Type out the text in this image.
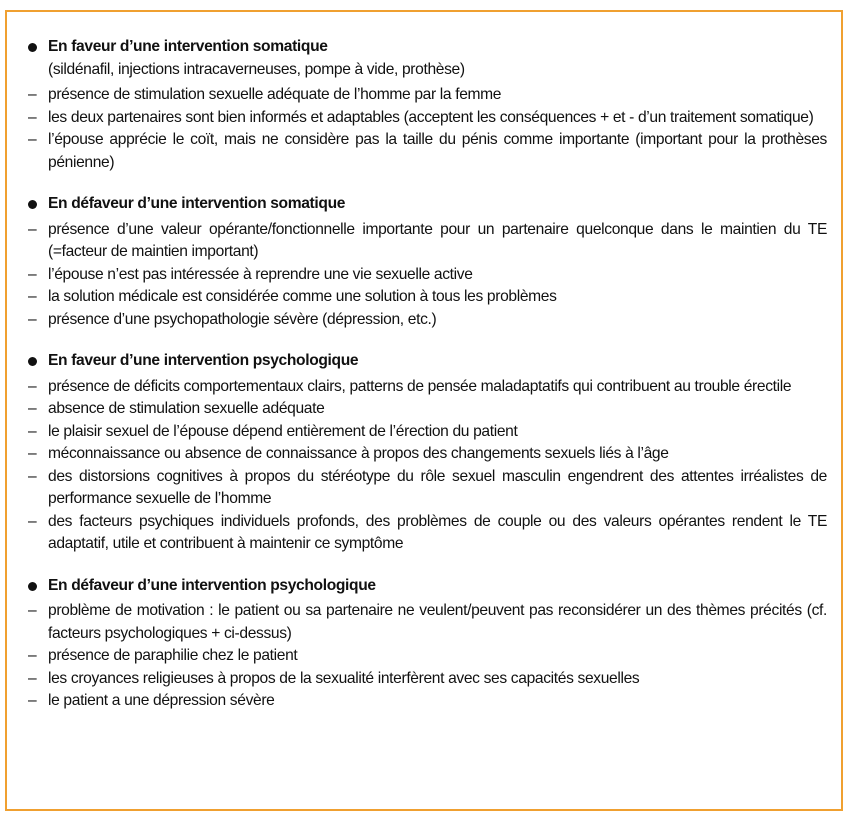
En faveur d’une intervention somatique
(sildénafil, injections intracaverneuses, pompe à vide, prothèse)
– présence de stimulation sexuelle adéquate de l’homme par la femme
– les deux partenaires sont bien informés et adaptables (acceptent les conséquences + et - d’un traitement somatique)
– l’épouse apprécie le coït, mais ne considère pas la taille du pénis comme importante (important pour la prothèses pénienne)
En défaveur d’une intervention somatique
– présence d’une valeur opérante/fonctionnelle importante pour un partenaire quelconque dans le maintien du TE (=facteur de maintien important)
– l’épouse n’est pas intéressée à reprendre une vie sexuelle active
– la solution médicale est considérée comme une solution à tous les problèmes
– présence d’une psychopathologie sévère (dépression, etc.)
En faveur d’une intervention psychologique
– présence de déficits comportementaux clairs, patterns de pensée maladaptatifs qui contribuent au trouble érectile
– absence de stimulation sexuelle adéquate
– le plaisir sexuel de l’épouse dépend entièrement de l’érection du patient
– méconnaissance ou absence de connaissance à propos des changements sexuels liés à l’âge
– des distorsions cognitives à propos du stéréotype du rôle sexuel masculin engendrent des attentes irréalistes de performance sexuelle de l’homme
– des facteurs psychiques individuels profonds, des problèmes de couple ou des valeurs opérantes rendent le TE adaptatif, utile et contribuent à maintenir ce symptôme
En défaveur d’une intervention psychologique
– problème de motivation : le patient ou sa partenaire ne veulent/peuvent pas reconsidérer un des thèmes précités (cf. facteurs psychologiques + ci-dessus)
– présence de paraphilie chez le patient
– les croyances religieuses à propos de la sexualité interfèrent avec ses capacités sexuelles
– le patient a une dépression sévère
